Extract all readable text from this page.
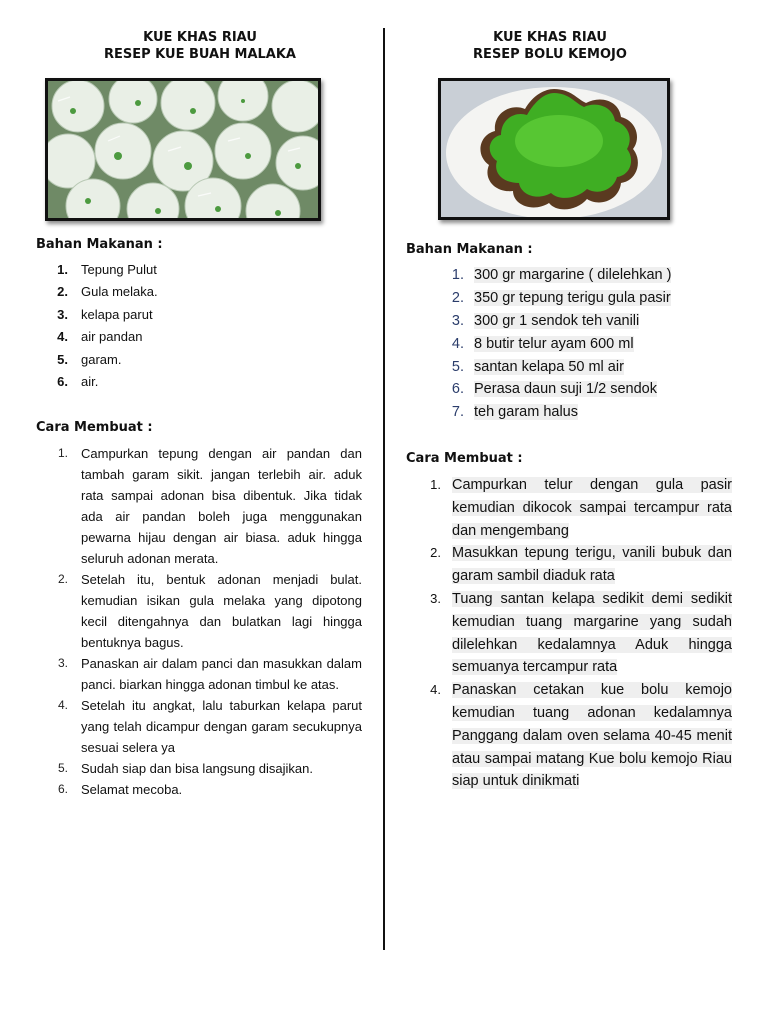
KUE KHAS RIAU
RESEP KUE BUAH MALAKA
Bahan Makanan :
1. Tepung Pulut
2. Gula melaka.
3. kelapa parut
4. air pandan
5. garam.
6. air.
Cara Membuat :
1. Campurkan tepung dengan air pandan dan tambah garam sikit. jangan terlebih air. aduk rata sampai adonan bisa dibentuk. Jika tidak ada air pandan boleh juga menggunakan pewarna hijau dengan air biasa. aduk hingga seluruh adonan merata.
2. Setelah itu, bentuk adonan menjadi bulat. kemudian isikan gula melaka yang dipotong kecil ditengahnya dan bulatkan lagi hingga bentuknya bagus.
3. Panaskan air dalam panci dan masukkan dalam panci. biarkan hingga adonan timbul ke atas.
4. Setelah itu angkat, lalu taburkan kelapa parut yang telah dicampur dengan garam secukupnya sesuai selera ya
5. Sudah siap dan bisa langsung disajikan.
6. Selamat mecoba.
KUE KHAS RIAU
RESEP BOLU KEMOJO
Bahan Makanan :
1. 300 gr margarine ( dilelehkan )
2. 350 gr tepung terigu gula pasir
3. 300 gr 1 sendok teh vanili
4. 8 butir telur ayam 600 ml
5. santan kelapa 50 ml air
6. Perasa daun suji 1/2 sendok
7. teh garam halus
Cara Membuat :
1. Campurkan telur dengan gula pasir kemudian dikocok sampai tercampur rata dan mengembang
2. Masukkan tepung terigu, vanili bubuk dan garam sambil diaduk rata
3. Tuang santan kelapa sedikit demi sedikit kemudian tuang margarine yang sudah dilelehkan kedalamnya Aduk hingga semuanya tercampur rata
4. Panaskan cetakan kue bolu kemojo kemudian tuang adonan kedalamnya Panggang dalam oven selama 40-45 menit atau sampai matang Kue bolu kemojo Riau siap untuk dinikmati
